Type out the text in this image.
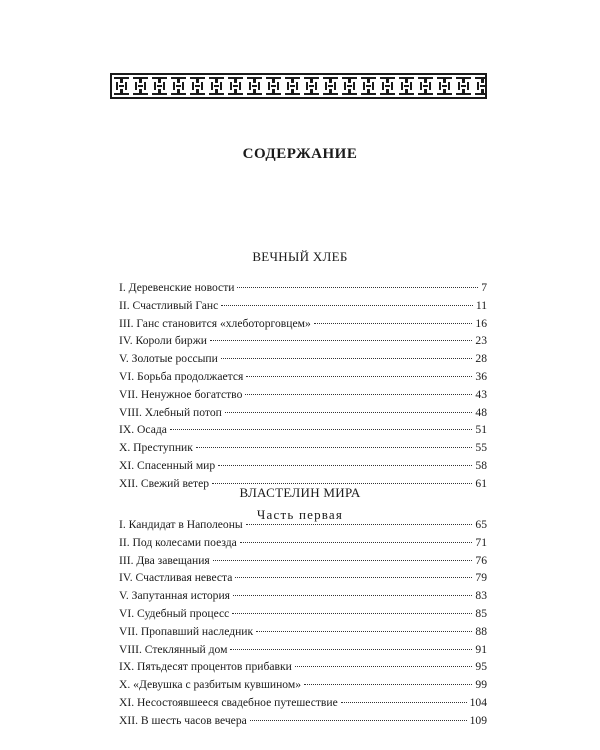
СОДЕРЖАНИЕ
ВЕЧНЫЙ ХЛЕБ
I. Деревенские новости	7
II. Счастливый Ганс	11
III. Ганс становится «хлеботорговцем»	16
IV. Короли биржи	23
V. Золотые россыпи	28
VI. Борьба продолжается	36
VII. Ненужное богатство	43
VIII. Хлебный потоп	48
IX. Осада	51
X. Преступник	55
XI. Спасенный мир	58
XII. Свежий ветер	61
ВЛАСТЕЛИН МИРА
Часть первая
I. Кандидат в Наполеоны	65
II. Под колесами поезда	71
III. Два завещания	76
IV. Счастливая невеста	79
V. Запутанная история	83
VI. Судебный процесс	85
VII. Пропавший наследник	88
VIII. Стеклянный дом	91
IX. Пятьдесят процентов прибавки	95
X. «Девушка с разбитым кувшином»	99
XI. Несостоявшееся свадебное путешествие	104
XII. В шесть часов вечера	109
